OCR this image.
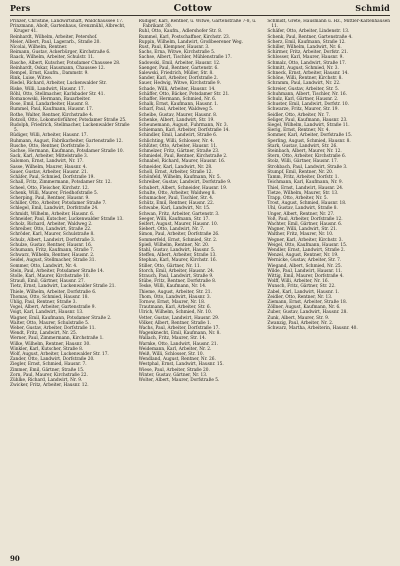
Pers	Cottow	Schmid
Prinzer, Christine, Landwirtshaft, Waldchaussee 17.
Prinzmann, Abolt, Gartenhaus, Grenzmühl, Albrecht, Kruger 41.
Reinhardt, Wilhelm, Arbeiter, Petershof.
Meier, Albert, Paul, Lagerarb., Straße 20.
Nicolai, Wilhelm, Rentner.
Reimann, Gustav, Ackerbürger, Kirchstraße 6.
Raack, Wilhelm, Arbeiter, Schulstr. 11.
Rasche, Albert, Kutscher, Potsdamer Chaussee 28.
Reinhardt, Oskar, Hausmann, Chaussee 12.
Rempel, Ernst, Kaufm., Dammstr. 9.
Rink, Luise, Witwe.
Riedel, Richard, Arbeiter, Luckenwalder Str.
Riske, Willi, Landwirt, Hausnr. 17.
Röhl, Otto, Stellmacher, Karlsbader Str. 41.
Romanowski, Hermann, Bauarbeiter.
Rose, Emil, Landarbeiter, Hausnr. 8.
Rummel, Paul, Kaufmann, Hausnr. 17.
Rothe, Walter, Rentner, Kirchstraße 4.
Rotzoll, Otto, Lokomotivführer, Potsdamer Straße 25.
Rudolph, Friedrich, Stellmacher, Luckenwalder Straße 5.
Rüdiger, Willi, Arbeiter, Hausnr. 17.
Ruhmann, August, Fabrikarbeiter, Gartenstraße 12.
Rusche, Otto, Rentner, Dorfstraße 3.
Sachse, Hermann, Kaufmann, Potsdamer Straße 10.
Sack, Karl, Arbeiter, Mittelstraße 3.
Salomon, Ernst, Landwirt, Nr. 17.
Sasse, Wilhelm, Maurer, Hausnr. 4.
Sauer, Gustav, Arbeiter, Hausnr. 21.
Schäfer, Paul, Schmied, Dorfstraße 19.
Schall, Fritz, Zimmermann, Potsdamer Str. 12.
Scheel, Otto, Fleischer, Kirchstr. 12.
Schenk, Willi, Maurer, Friedhofstraße 5.
Scherping, Paul, Rentner, Hausnr. 9.
Schiller, Otto, Arbeiter, Potsdamer Straße 7.
Schlegel, Emil, Landwirt, Dorfstraße 24.
Schmidt, Wilhelm, Arbeiter, Hausnr. 6.
Schneider, Paul, Kutscher, Luckenwalder Straße 13.
Scholz, Richard, Arbeiter, Waldweg 2.
Schreiber, Otto, Landwirt, Straße 22.
Schröder, Karl, Maurer, Schulstraße 8.
Schulz, Albert, Landwirt, Dorfstraße 3.
Schulze, Gustav, Rentner, Hausnr. 16.
Schumann, Fritz, Kaufmann, Straße 7.
Schwarz, Wilhelm, Rentner, Hausnr. 2.
Seidel, August, Stellmacher, Straße 31.
Sommer, Otto, Landwirt, Nr. 4.
Stein, Paul, Arbeiter, Potsdamer Straße 14.
Stolle, Karl, Maurer, Kirchstraße 10.
Strauß, Emil, Gärtner, Hausnr. 27.
Tietz, Ernst, Landwirt, Luckenwalder Straße 21.
Thiele, Wilhelm, Arbeiter, Dorfstraße 6.
Thomas, Otto, Schmied, Hausnr. 18.
Uhlig, Paul, Rentner, Straße 3.
Vogel, Albert, Arbeiter, Gartenstraße 9.
Voigt, Karl, Landwirt, Hausnr. 13.
Wagner, Emil, Kaufmann, Potsdamer Straße 2.
Walter, Otto, Maurer, Schulstraße 5.
Weber, Gustav, Arbeiter, Dorfstraße 11.
Wendt, Fritz, Landwirt, Nr. 25.
Werner, Paul, Zimmermann, Kirchstraße 1.
Wilke, Wilhelm, Rentner, Hausnr. 30.
Winkler, Karl, Kutscher, Straße 8.
Wolf, August, Arbeiter, Luckenwalder Str. 17.
Zander, Otto, Landwirt, Dorfstraße 20.
Ziegler, Ernst, Schmied, Hausnr. 7.
Zimmer, Emil, Gärtner, Straße 15.
Zorn, Paul, Maurer, Kirchstraße 22.
Zühlke, Richard, Landwirt, Nr. 9.
Zwicker, Fritz, Arbeiter, Hausnr. 12.
Rüdiger, Karl, Rentner, u. Witwe, Gartenstraße 7-8, u. Fabrikant 30.
Ruhl, Otto, Kaufm., Adlershofer Str. 8.
Rummel, Karl, Postschaffner, Kirchstr. 23.
Ruppin, Wilhelm, Landwirt, Großbeerener Weg.
Rust, Paul, Klempner, Hausnr. 3.
Sachs, Erna, Witwe, Kirchstraße 5.
Sachse, Albert, Tischler, Mühlenstraße 17.
Sadowski, Emil, Arbeiter, Hausnr. 12.
Saenger, Paul, Rentner, Gartenstr. 6.
Salewski, Friedrich, Müller, Str. 8.
Sander, Karl, Arbeiter, Dorfstraße 2.
Sauer, Hedwig, Witwe, Kirchstraße 9.
Schade, Willi, Arbeiter, Hausnr. 14.
Schäffer, Otto, Bäcker, Potsdamer Str. 21.
Schaffer, Hermann, Schmied, Nr. 6.
Schalk, Ernst, Kaufmann, Hausnr. 1.
Scharf, Paul, Arbeiter, Waldweg 5.
Scheibe, Gustav, Maurer, Hausnr. 8.
Schenke, Albert, Landwirt, Str. 19.
Scheunemann, August, Fuhrmann, Nr. 3.
Schiemann, Karl, Arbeiter, Dorfstraße 14.
Schindler, Emil, Landwirt, Straße 6.
Schlichting, Willi, Schlosser, Nr. 4.
Schlüter, Otto, Arbeiter, Hausnr. 11.
Schmelzer, Fritz, Gärtner, Straße 23.
Schmiedel, Paul, Rentner, Kirchstraße 2.
Schnabel, Richard, Maurer, Hausnr. 16.
Schneider, Karl, Landwirt, Nr. 28.
Scholl, Ernst, Arbeiter, Straße 12.
Schönfeld, Wilhelm, Kaufmann, Nr. 5.
Schreiber, Gustav, Landwirt, Dorfstraße 9.
Schubert, Albert, Schneider, Hausnr. 19.
Schulte, Otto, Arbeiter, Waldweg 8.
Schumacher, Paul, Tischler, Str. 4.
Schütz, Emil, Rentner, Hausnr. 22.
Schwabe, Karl, Landwirt, Nr. 15.
Schwan, Fritz, Arbeiter, Gartenstr. 3.
Seeger, Willi, Kaufmann, Str. 17.
Seifert, August, Maurer, Hausnr. 10.
Siebert, Otto, Landwirt, Nr. 7.
Simon, Paul, Arbeiter, Dorfstraße 26.
Sommerfeld, Ernst, Schmied, Str. 2.
Spieß, Wilhelm, Rentner, Nr. 20.
Stahl, Gustav, Landwirt, Hausnr. 5.
Steffen, Albert, Arbeiter, Straße 13.
Stephan, Karl, Maurer, Kirchstr. 16.
Stiller, Otto, Gärtner, Nr. 11.
Storch, Emil, Arbeiter, Hausnr. 24.
Strauch, Paul, Landwirt, Straße 9.
Stübe, Fritz, Rentner, Dorfstraße 8.
Teske, Willi, Kaufmann, Nr. 14.
Thieme, August, Arbeiter, Str. 21.
Thom, Otto, Landwirt, Hausnr. 3.
Tornow, Ernst, Maurer, Nr. 18.
Trautmann, Karl, Arbeiter, Str. 6.
Ulrich, Wilhelm, Schmied, Nr. 10.
Vetter, Gustav, Landwirt, Hausnr. 29.
Völker, Albert, Rentner, Straße 1.
Wachs, Paul, Arbeiter, Dorfstraße 17.
Wagenknecht, Emil, Kaufmann, Nr. 8.
Wallach, Fritz, Maurer, Str. 14.
Warnke, Otto, Landwirt, Hausnr. 21.
Weidemann, Karl, Arbeiter, Nr. 2.
Weiß, Willi, Schlosser, Str. 10.
Wendland, August, Rentner, Nr. 26.
Westphal, Ernst, Landwirt, Hausnr. 15.
Wiese, Paul, Arbeiter, Straße 20.
Winter, Gustav, Gärtner, Nr. 13.
Wolter, Albert, Maurer, Dorfstraße 5.
Schmidt, Grete, Hausmann u. Hz., Mittler-Kaltenhausen 11.
Schäfer, Otto, Arbeiter, Lindenstr. 13.
Schenk, Paul, Rentner, Gartenstraße 4.
Scherz, Emil, Kaufmann, Straße 12.
Schiller, Wilhelm, Landwirt, Nr. 6.
Schirmer, Fritz, Arbeiter, Dorfstr. 21.
Schlosser, Karl, Maurer, Hausnr. 9.
Schmalz, Otto, Landwirt, Straße 17.
Schmitt, August, Schmied, Nr. 3.
Schneck, Ernst, Arbeiter, Hausnr. 14.
Schöne, Willi, Rentner, Kirchstr. 8.
Schramm, Paul, Landwirt, Nr. 22.
Schreier, Gustav, Arbeiter, Str. 5.
Schuhmann, Albert, Tischler, Nr. 16.
Schulz, Karl, Gärtner, Hausnr. 2.
Schuster, Emil, Landwirt, Dorfstr. 10.
Schwarze, Fritz, Maurer, Str. 19.
Seidler, Otto, Arbeiter, Nr. 7.
Seliger, Paul, Kaufmann, Hausnr. 23.
Siegel, Wilhelm, Landwirt, Straße 11.
Sierig, Ernst, Rentner, Nr. 4.
Sommer, Karl, Arbeiter, Dorfstraße 15.
Sperling, August, Schmied, Hausnr. 8.
Stark, Gustav, Landwirt, Str. 26.
Steinbach, Albert, Maurer, Nr. 12.
Stern, Otto, Arbeiter, Kirchstraße 6.
Stolz, Willi, Gärtner, Hausnr. 17.
Strohbach, Paul, Landwirt, Straße 3.
Stumpf, Emil, Rentner, Nr. 20.
Tamm, Fritz, Arbeiter, Dorfstr. 1.
Teichmann, Karl, Kaufmann, Nr. 9.
Thiel, Ernst, Landwirt, Hausnr. 24.
Tietze, Wilhelm, Maurer, Str. 13.
Trapp, Otto, Arbeiter, Nr. 5.
Trost, August, Schmied, Hausnr. 18.
Uhl, Gustav, Landwirt, Straße 8.
Unger, Albert, Rentner, Nr. 27.
Voß, Paul, Arbeiter, Dorfstraße 12.
Wachter, Emil, Gärtner, Hausnr. 6.
Wagner, Willi, Landwirt, Str. 21.
Walther, Fritz, Maurer, Nr. 10.
Wegner, Karl, Arbeiter, Kirchstr. 3.
Weigel, Otto, Kaufmann, Hausnr. 15.
Wendler, Ernst, Landwirt, Straße 2.
Wenzel, August, Rentner, Nr. 19.
Wernicke, Gustav, Arbeiter, Str. 7.
Wiegand, Albert, Schmied, Nr. 25.
Wilde, Paul, Landwirt, Hausnr. 11.
Wittig, Emil, Maurer, Dorfstraße 4.
Wolff, Willi, Arbeiter, Nr. 16.
Wunsch, Fritz, Gärtner, Str. 22.
Zabel, Karl, Landwirt, Hausnr. 1.
Zeidler, Otto, Rentner, Nr. 13.
Ziemann, Ernst, Arbeiter, Straße 18.
Zöllner, August, Kaufmann, Nr. 6.
Zuber, Gustav, Landwirt, Hausnr. 28.
Zunk, Albert, Maurer, Str. 9.
Zwanzig, Paul, Arbeiter, Nr. 2.
Schwarz, Martha, Arbeiterin, Hausnr. 40.
90
